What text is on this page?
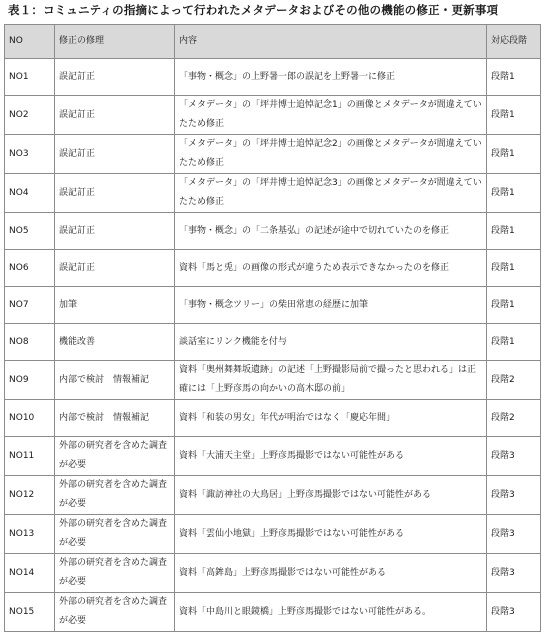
表１：コミュニティの指摘によって行われたメタデータおよびその他の機能の修正・更新事項
NO	修正の修理	内容	対応段階
NO1	誤記訂正	「事物・概念」の上野暑一郎の誤記を上野暑一に修正	段階1
NO2	誤記訂正	「メタデータ」の「坪井博士追悼記念1」の画像とメタデータが間違えていたため修正	段階1
NO3	誤記訂正	「メタデータ」の「坪井博士追悼記念2」の画像とメタデータが間違えていたため修正	段階1
NO4	誤記訂正	「メタデータ」の「坪井博士追悼記念3」の画像とメタデータが間違えていたため修正	段階1
NO5	誤記訂正	「事物・概念」の「二条基弘」の記述が途中で切れていたのを修正	段階1
NO6	誤記訂正	資料「馬と兎」の画像の形式が違うため表示できなかったのを修正	段階1
NO7	加筆	「事物・概念ツリー」の柴田常恵の経歴に加筆	段階1
NO8	機能改善	談話室にリンク機能を付与	段階1
NO9	内部で検討　情報補記	資料「奥州舞舞坂遺跡」の記述「上野撮影局前で撮ったと思われる」は正確には「上野彦馬の向かいの高木邸の前」	段階2
NO10	内部で検討　情報補記	資料「和装の男女」年代が明治ではなく「慶応年間」	段階2
NO11	外部の研究者を含めた調査が必要	資料「大浦天主堂」上野彦馬撮影ではない可能性がある	段階3
NO12	外部の研究者を含めた調査が必要	資料「諏訪神社の大鳥居」上野彦馬撮影ではない可能性がある	段階3
NO13	外部の研究者を含めた調査が必要	資料「雲仙小地獄」上野彦馬撮影ではない可能性がある	段階3
NO14	外部の研究者を含めた調査が必要	資料「高鉾島」上野彦馬撮影ではない可能性がある	段階3
NO15	外部の研究者を含めた調査が必要	資料「中島川と眼鏡橋」上野彦馬撮影ではない可能性がある。	段階3
